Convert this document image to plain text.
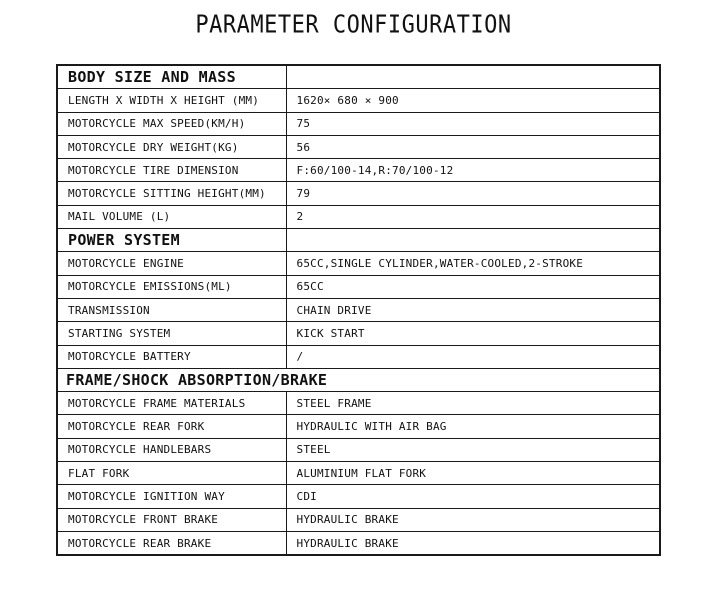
PARAMETER CONFIGURATION
BODY SIZE AND MASS	
LENGTH X WIDTH X HEIGHT (MM)	1620× 680 × 900
MOTORCYCLE MAX SPEED(KM/H)	75
MOTORCYCLE DRY WEIGHT(KG)	56
MOTORCYCLE TIRE DIMENSION	F:60/100-14,R:70/100-12
MOTORCYCLE SITTING HEIGHT(MM)	79
MAIL VOLUME (L)	2
POWER SYSTEM	
MOTORCYCLE ENGINE	65CC,SINGLE CYLINDER,WATER-COOLED,2-STROKE
MOTORCYCLE EMISSIONS(ML)	65CC
TRANSMISSION	CHAIN DRIVE
STARTING SYSTEM	KICK START
MOTORCYCLE BATTERY	/
FRAME/SHOCK ABSORPTION/BRAKE	
MOTORCYCLE FRAME MATERIALS	STEEL FRAME
MOTORCYCLE REAR FORK	HYDRAULIC WITH AIR BAG
MOTORCYCLE HANDLEBARS	STEEL
FLAT FORK	ALUMINIUM FLAT FORK
MOTORCYCLE IGNITION WAY	CDI
MOTORCYCLE FRONT BRAKE	HYDRAULIC BRAKE
MOTORCYCLE REAR BRAKE	HYDRAULIC BRAKE
